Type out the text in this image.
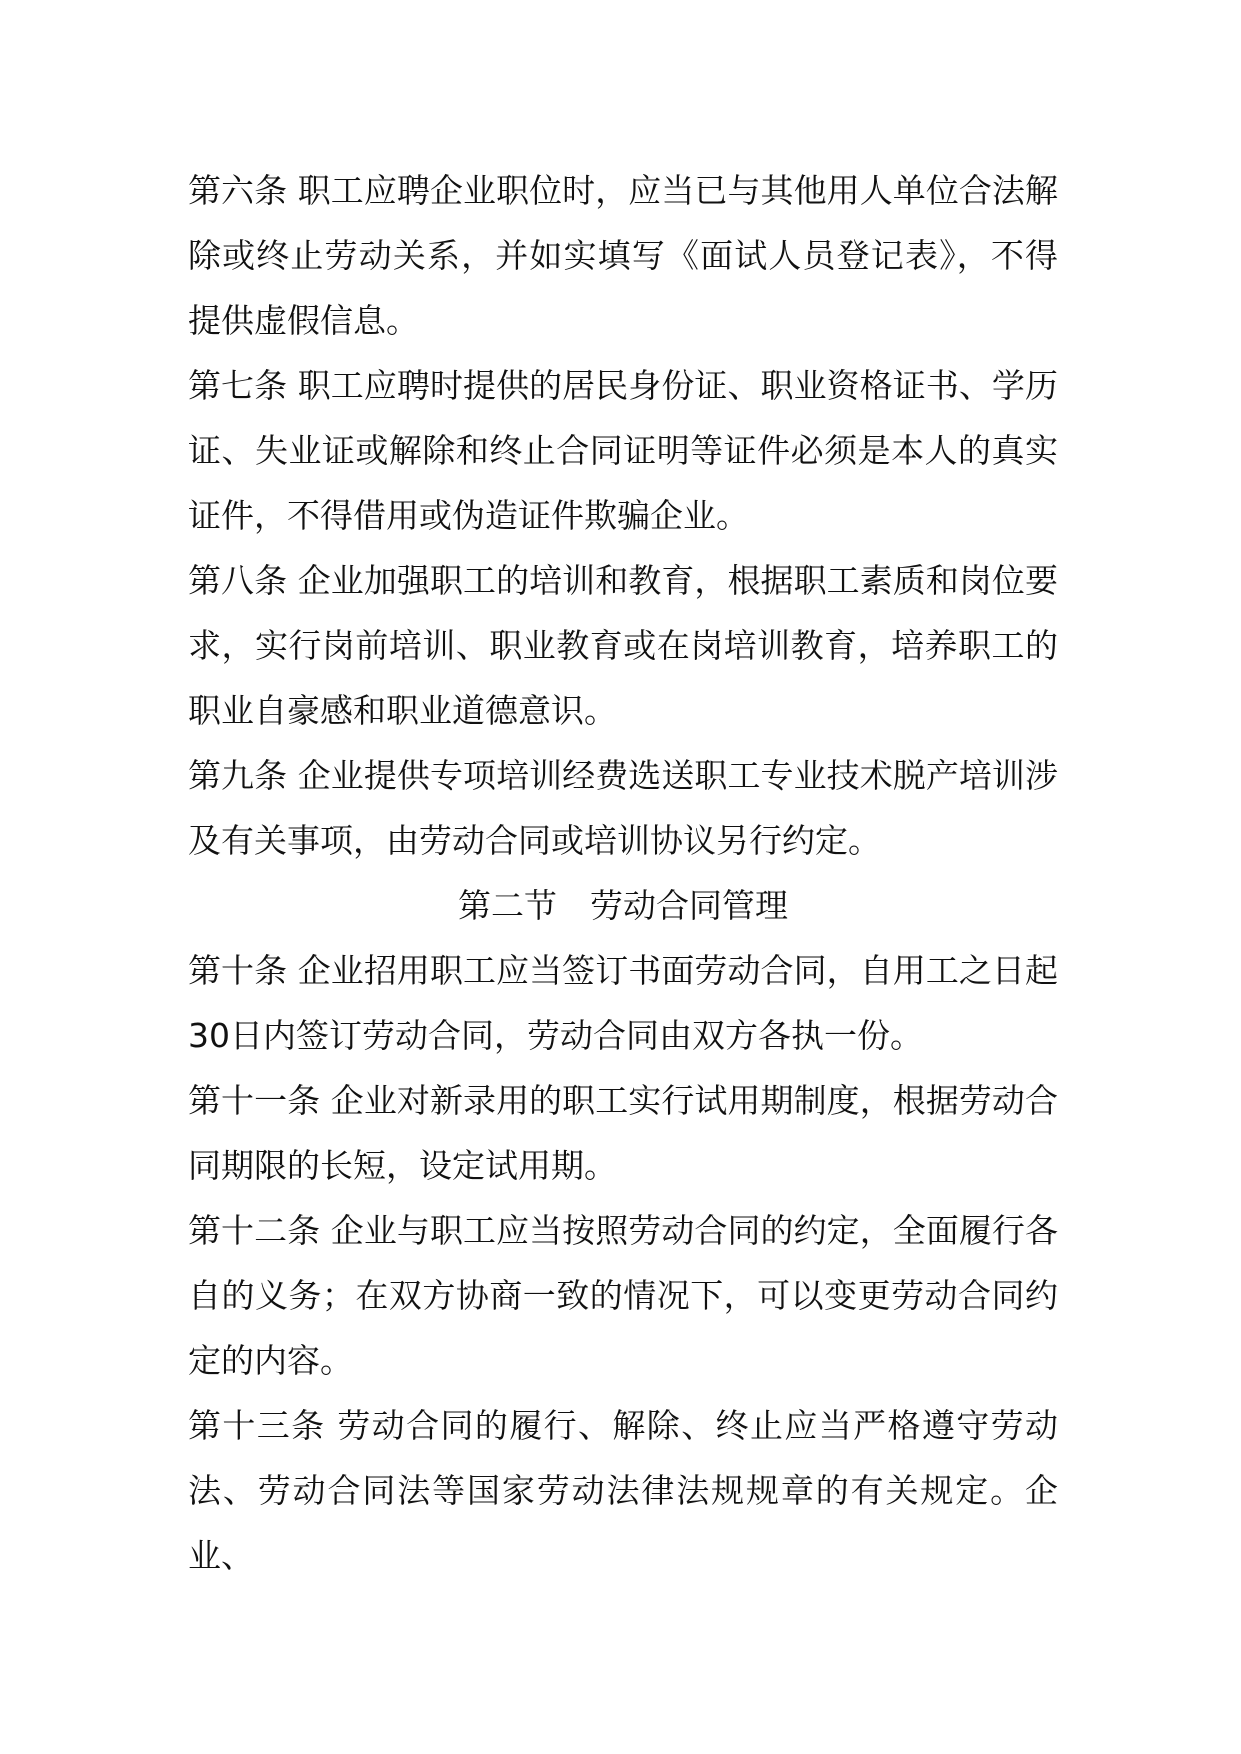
第六条 职工应聘企业职位时，应当已与其他用人单位合法解除或终止劳动关系，并如实填写《面试人员登记表》，不得提供虚假信息。

第七条 职工应聘时提供的居民身份证、职业资格证书、学历证、失业证或解除和终止合同证明等证件必须是本人的真实证件，不得借用或伪造证件欺骗企业。

第八条 企业加强职工的培训和教育，根据职工素质和岗位要求，实行岗前培训、职业教育或在岗培训教育，培养职工的职业自豪感和职业道德意识。

第九条 企业提供专项培训经费选送职工专业技术脱产培训涉及有关事项，由劳动合同或培训协议另行约定。

第二节　劳动合同管理

第十条 企业招用职工应当签订书面劳动合同，自用工之日起30日内签订劳动合同，劳动合同由双方各执一份。

第十一条 企业对新录用的职工实行试用期制度，根据劳动合同期限的长短，设定试用期。

第十二条 企业与职工应当按照劳动合同的约定，全面履行各自的义务；在双方协商一致的情况下，可以变更劳动合同约定的内容。

第十三条 劳动合同的履行、解除、终止应当严格遵守劳动法、劳动合同法等国家劳动法律法规规章的有关规定。企业、
